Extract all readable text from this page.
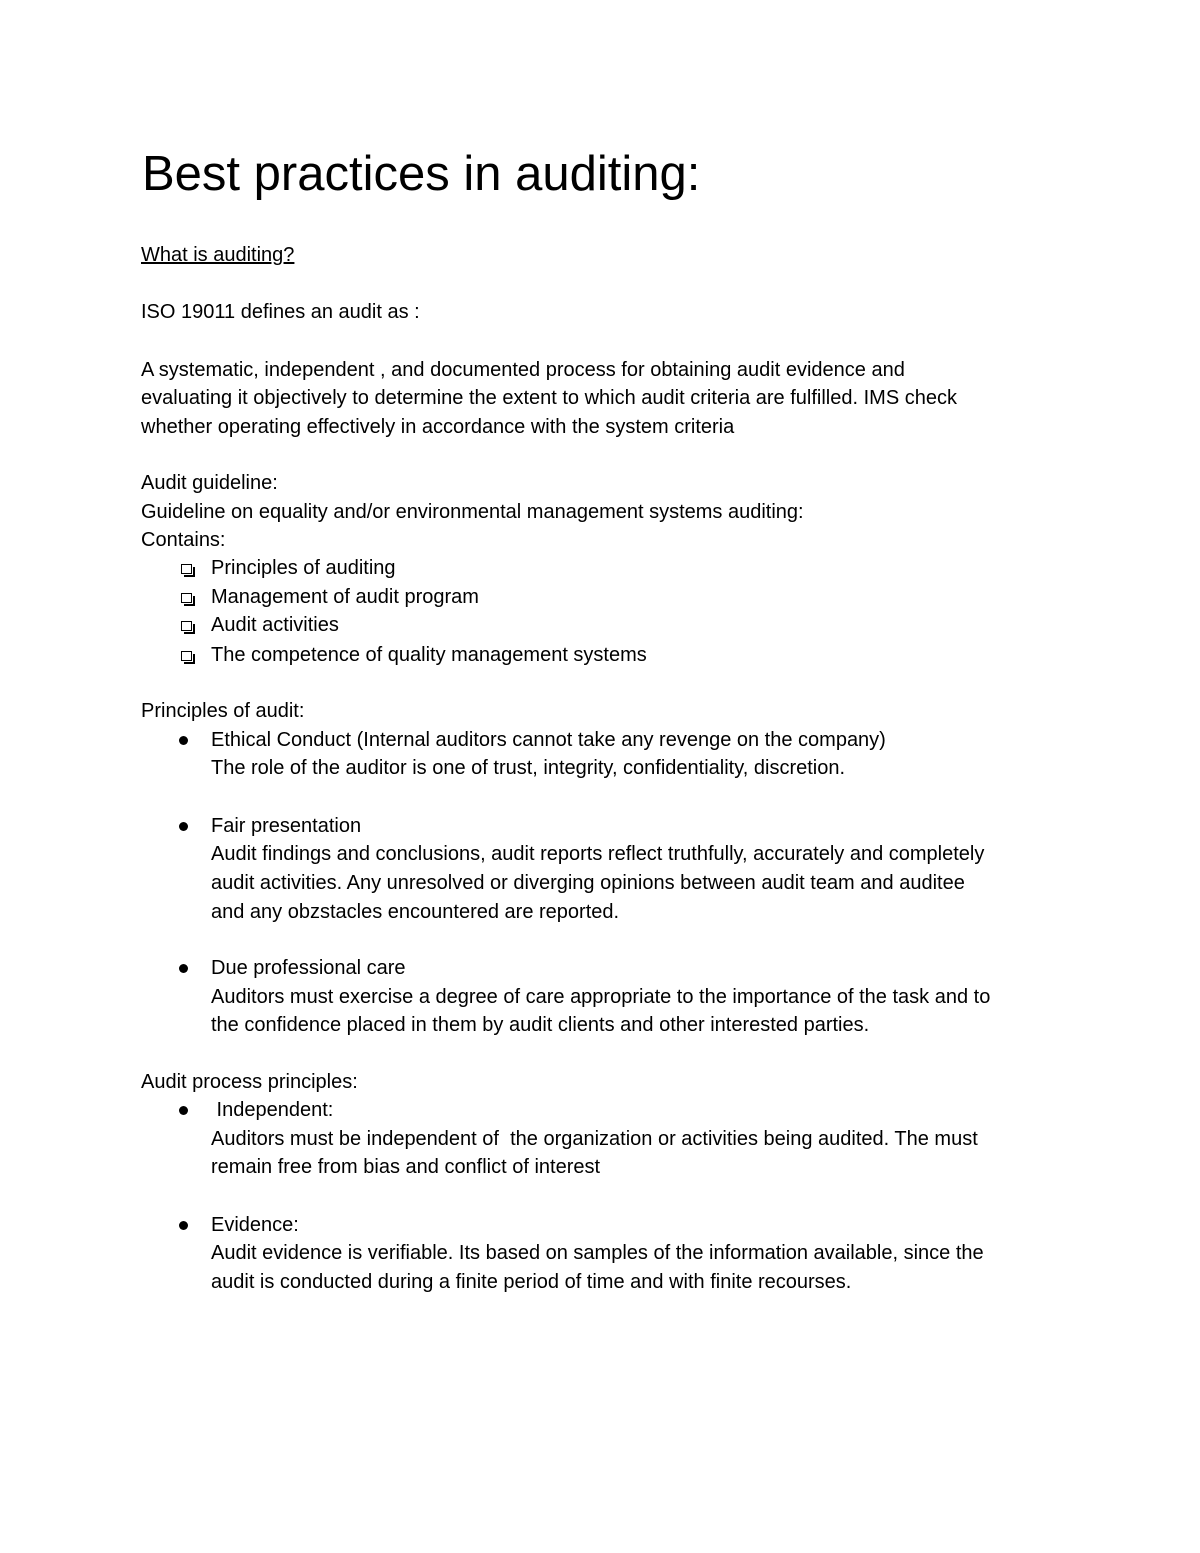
Best practices in auditing:
What is auditing?
ISO 19011 defines an audit as :
A systematic, independent , and documented process for obtaining audit evidence and
evaluating it objectively to determine the extent to which audit criteria are fulfilled. IMS check
whether operating effectively in accordance with the system criteria
Audit guideline:
Guideline on equality and/or environmental management systems auditing:
Contains:
Principles of auditing
Management of audit program
Audit activities
The competence of quality management systems
Principles of audit:
Ethical Conduct (Internal auditors cannot take any revenge on the company)
The role of the auditor is one of trust, integrity, confidentiality, discretion.
Fair presentation
Audit findings and conclusions, audit reports reflect truthfully, accurately and completely
audit activities. Any unresolved or diverging opinions between audit team and auditee
and any obzstacles encountered are reported.
Due professional care
Auditors must exercise a degree of care appropriate to the importance of the task and to
the confidence placed in them by audit clients and other interested parties.
Audit process principles:
Independent:
Auditors must be independent of  the organization or activities being audited. The must
remain free from bias and conflict of interest
Evidence:
Audit evidence is verifiable. Its based on samples of the information available, since the
audit is conducted during a finite period of time and with finite recourses.
